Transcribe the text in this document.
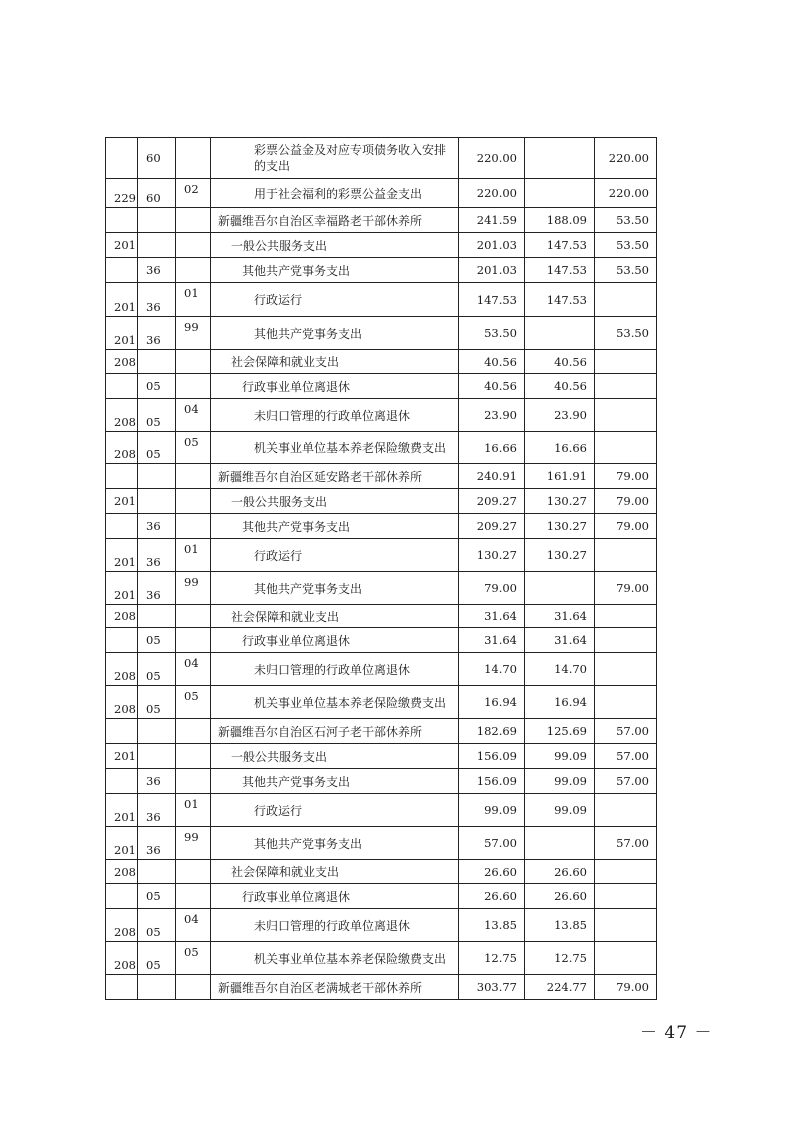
	60		彩票公益金及对应专项债务收入安排的支出	220.00		220.00
229	60	02	用于社会福利的彩票公益金支出	220.00		220.00
			新疆维吾尔自治区幸福路老干部休养所	241.59	188.09	53.50
201			一般公共服务支出	201.03	147.53	53.50
	36		其他共产党事务支出	201.03	147.53	53.50
201	36	01	行政运行	147.53	147.53	
201	36	99	其他共产党事务支出	53.50		53.50
208			社会保障和就业支出	40.56	40.56	
	05		行政事业单位离退休	40.56	40.56	
208	05	04	未归口管理的行政单位离退休	23.90	23.90	
208	05	05	机关事业单位基本养老保险缴费支出	16.66	16.66	
			新疆维吾尔自治区延安路老干部休养所	240.91	161.91	79.00
201			一般公共服务支出	209.27	130.27	79.00
	36		其他共产党事务支出	209.27	130.27	79.00
201	36	01	行政运行	130.27	130.27	
201	36	99	其他共产党事务支出	79.00		79.00
208			社会保障和就业支出	31.64	31.64	
	05		行政事业单位离退休	31.64	31.64	
208	05	04	未归口管理的行政单位离退休	14.70	14.70	
208	05	05	机关事业单位基本养老保险缴费支出	16.94	16.94	
			新疆维吾尔自治区石河子老干部休养所	182.69	125.69	57.00
201			一般公共服务支出	156.09	99.09	57.00
	36		其他共产党事务支出	156.09	99.09	57.00
201	36	01	行政运行	99.09	99.09	
201	36	99	其他共产党事务支出	57.00		57.00
208			社会保障和就业支出	26.60	26.60	
	05		行政事业单位离退休	26.60	26.60	
208	05	04	未归口管理的行政单位离退休	13.85	13.85	
208	05	05	机关事业单位基本养老保险缴费支出	12.75	12.75	
			新疆维吾尔自治区老满城老干部休养所	303.77	224.77	79.00
－ 47 －
